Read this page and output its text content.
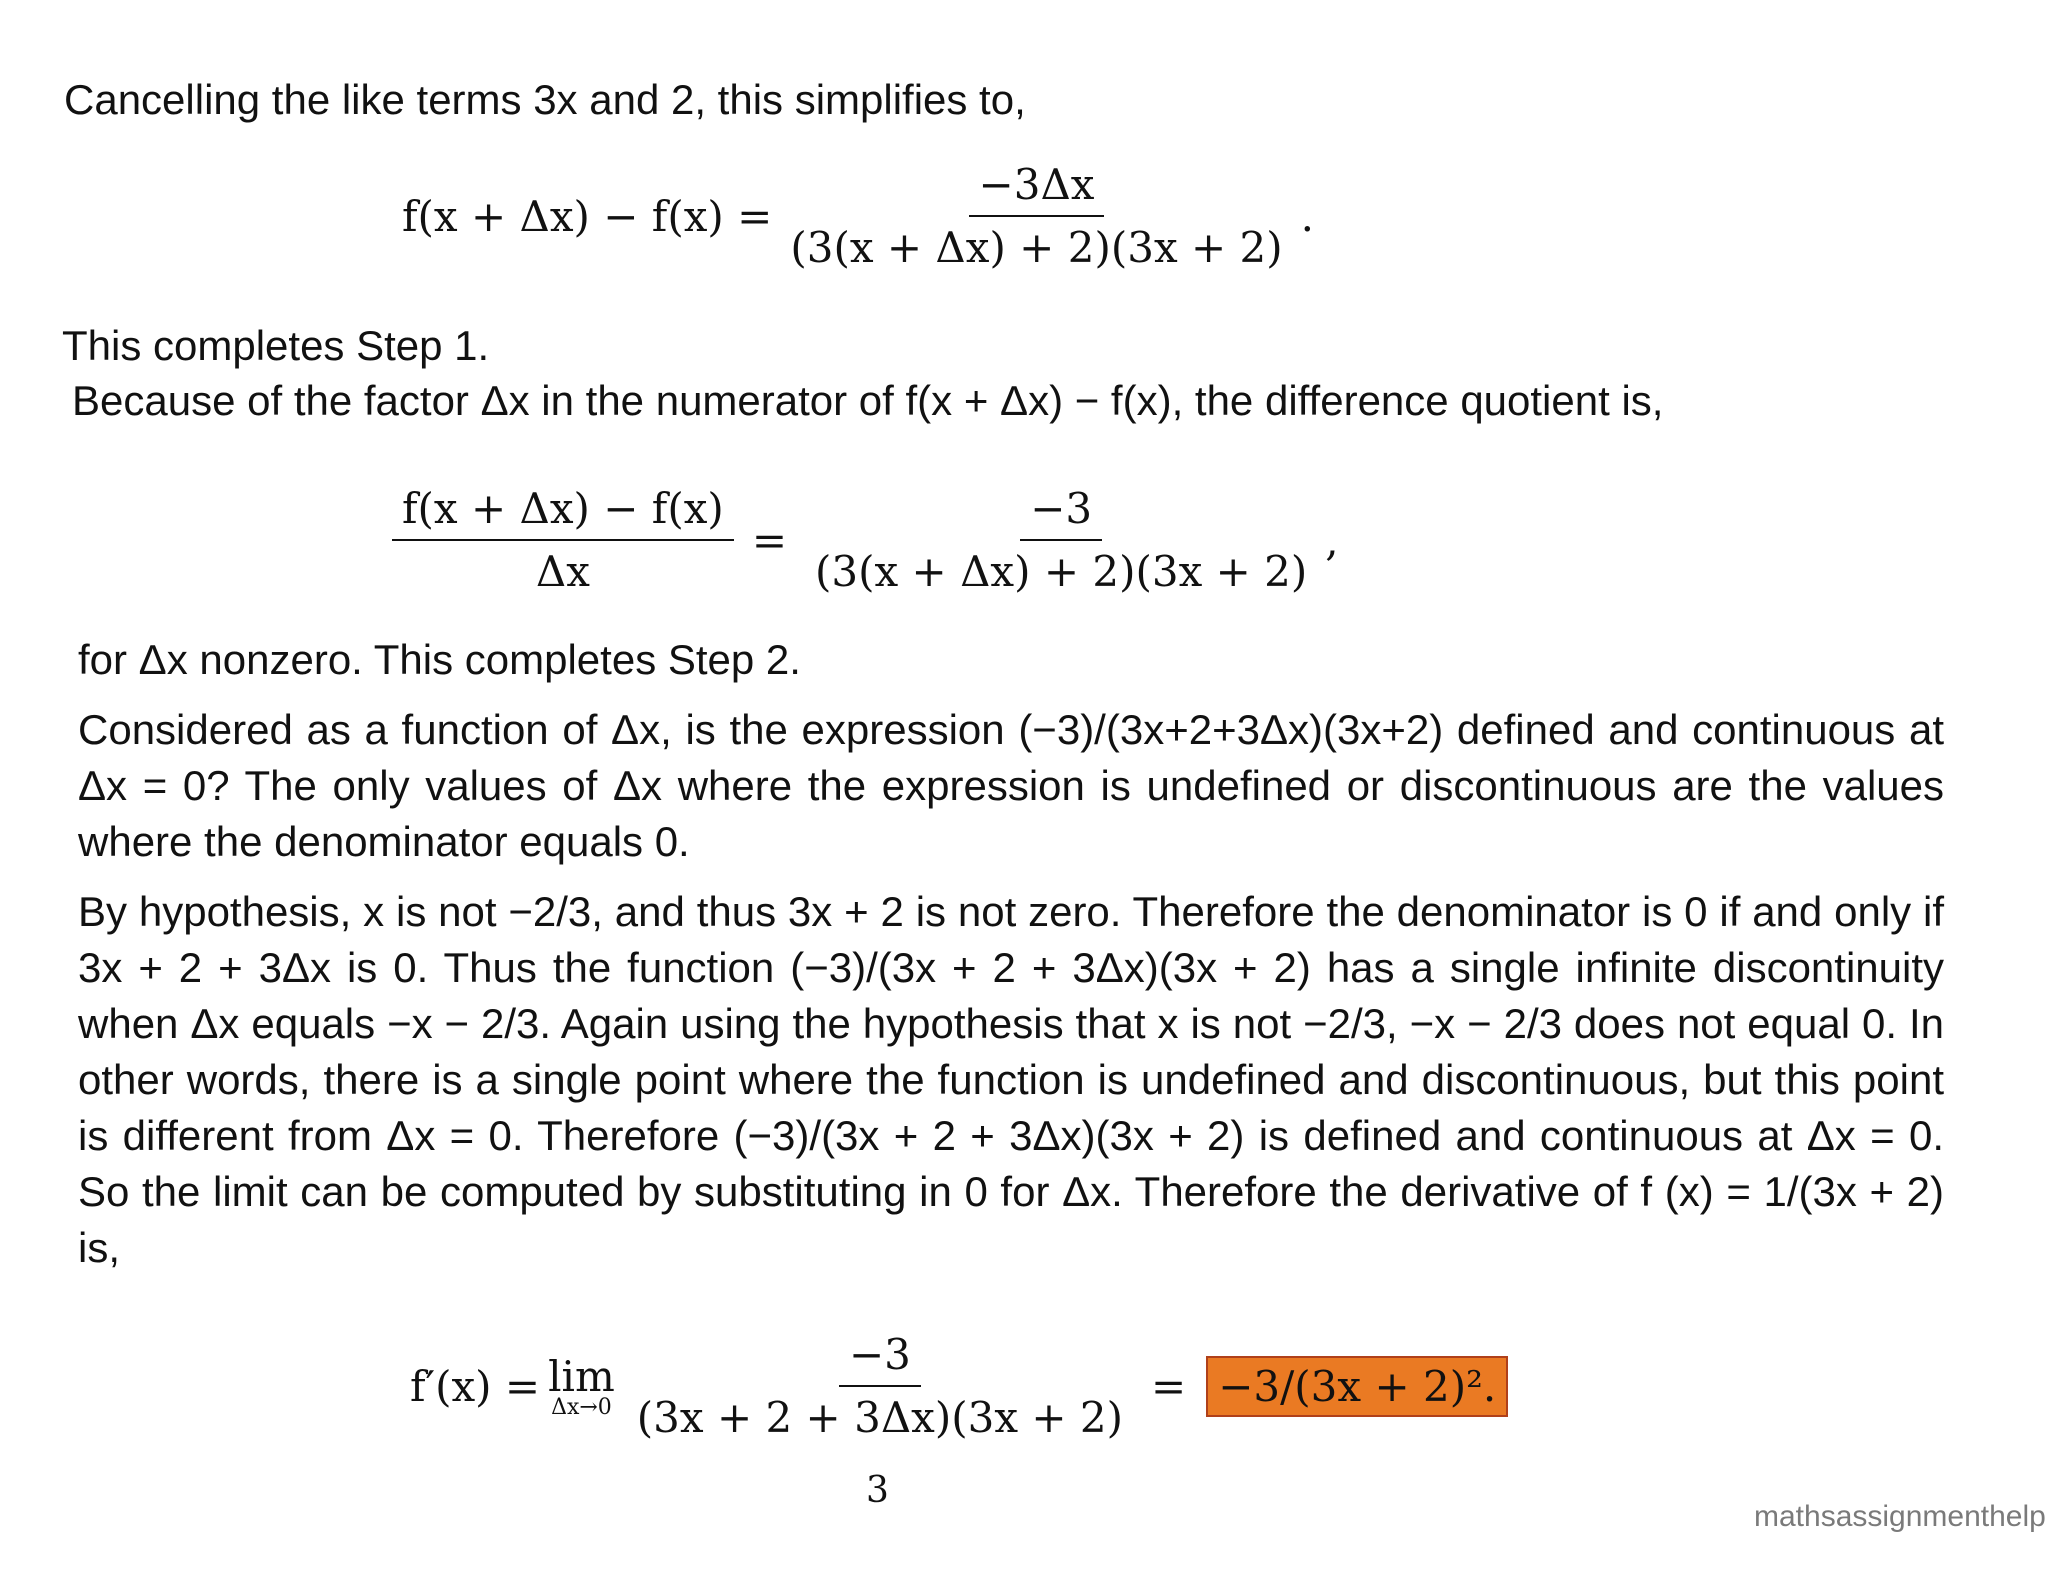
Cancelling the like terms 3x and 2, this simplifies to,
$f(x + \Delta x) - f(x) = \frac{-3\Delta x}{(3(x + \Delta x) + 2)(3x + 2)}$ .
This completes Step 1.
Because of the factor Δx in the numerator of f(x + Δx) − f(x), the difference quotient is,
$\frac{f(x + \Delta x) - f(x)}{\Delta x} = \frac{-3}{(3(x + \Delta x) + 2)(3x + 2)}$ ,

for Δx nonzero. This completes Step 2.

Considered as a function of Δx, is the expression (−3)/(3x+2+3Δx)(3x+2) defined and continuous at Δx = 0? The only values of Δx where the expression is undefined or discontinuous are the values where the denominator equals 0.

By hypothesis, x is not −2/3, and thus 3x + 2 is not zero. Therefore the denominator is 0 if and only if 3x + 2 + 3Δx is 0. Thus the function (−3)/(3x + 2 + 3Δx)(3x + 2) has a single infinite discontinuity when Δx equals −x − 2/3. Again using the hypothesis that x is not −2/3, −x − 2/3 does not equal 0. In other words, there is a single point where the function is undefined and discontinuous, but this point is different from Δx = 0. Therefore (−3)/(3x + 2 + 3Δx)(3x + 2) is defined and continuous at Δx = 0. So the limit can be computed by substituting in 0 for Δx. Therefore the derivative of f (x) = 1/(3x + 2) is,

f′(x) = lim
$\Delta x\to 0 \frac{-3}{(3x + 2 + 3\Delta x)(3x + 2)} = -3/(3x + 2)^2$.
3
mathsassignmenthelp
